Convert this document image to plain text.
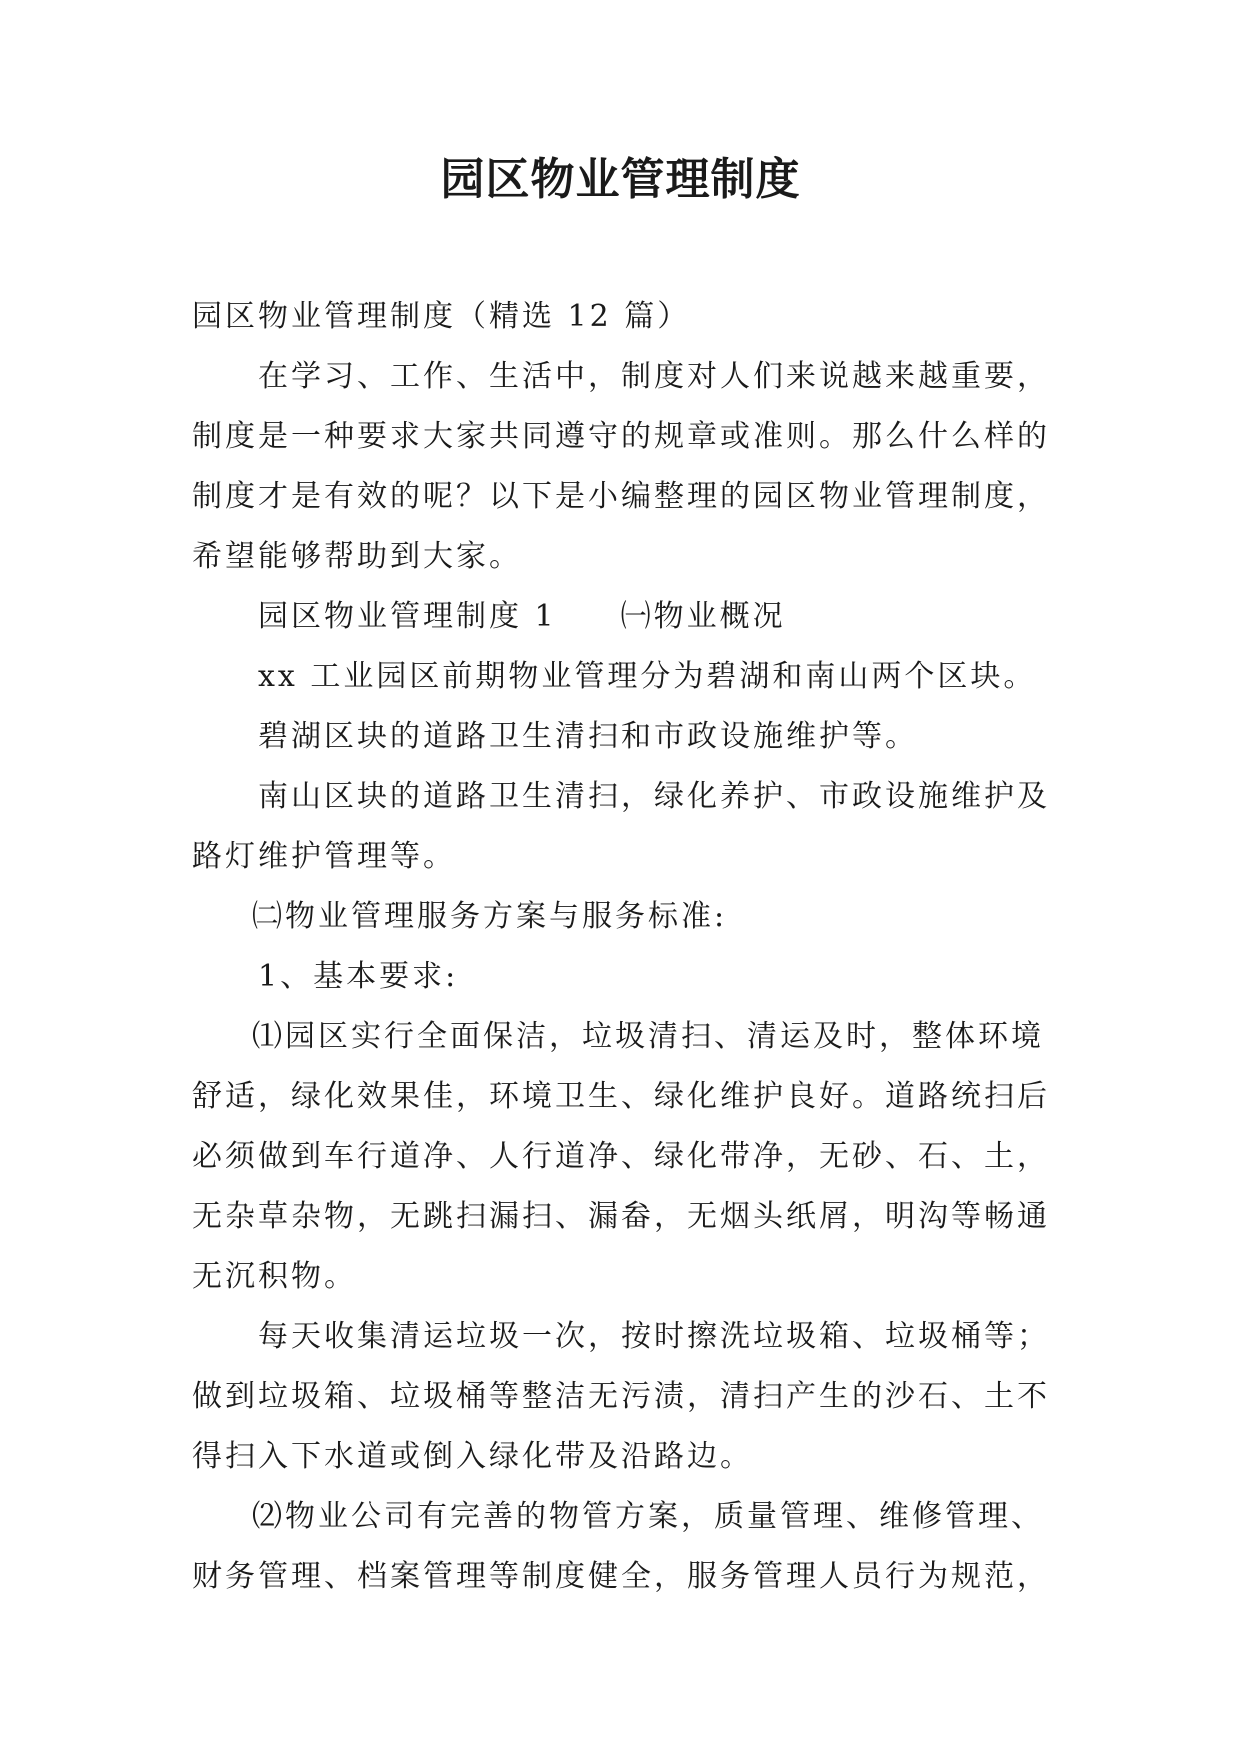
园区物业管理制度

园区物业管理制度（精选 12 篇）

在学习、工作、生活中，制度对人们来说越来越重要，制度是一种要求大家共同遵守的规章或准则。那么什么样的制度才是有效的呢？以下是小编整理的园区物业管理制度，希望能够帮助到大家。

园区物业管理制度 1 ㈠物业概况

xx 工业园区前期物业管理分为碧湖和南山两个区块。

碧湖区块的道路卫生清扫和市政设施维护等。

南山区块的道路卫生清扫，绿化养护、市政设施维护及路灯维护管理等。

㈡物业管理服务方案与服务标准:

1、基本要求:

⑴园区实行全面保洁，垃圾清扫、清运及时，整体环境舒适，绿化效果佳，环境卫生、绿化维护良好。道路统扫后必须做到车行道净、人行道净、绿化带净，无砂、石、土，无杂草杂物，无跳扫漏扫、漏畚，无烟头纸屑，明沟等畅通无沉积物。

每天收集清运垃圾一次，按时擦洗垃圾箱、垃圾桶等；做到垃圾箱、垃圾桶等整洁无污渍，清扫产生的沙石、土不得扫入下水道或倒入绿化带及沿路边。

⑵物业公司有完善的物管方案，质量管理、维修管理、财务管理、档案管理等制度健全，服务管理人员行为规范，
